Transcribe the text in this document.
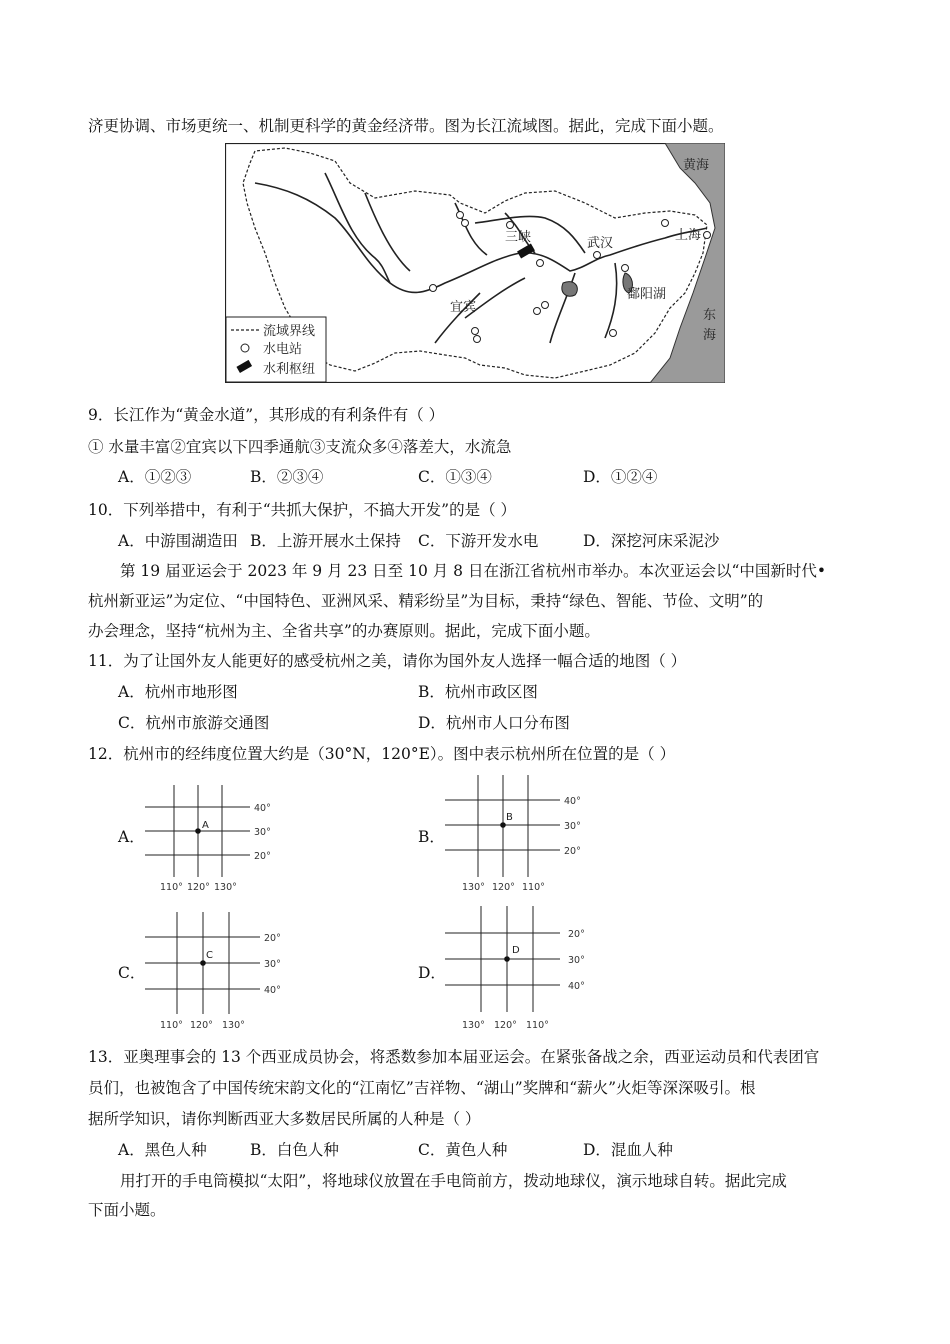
济更协调、市场更统一、机制更科学的黄金经济带。图为长江流域图。据此，完成下面小题。
黄海
三峡	武汉
上海
宜宾
鄱阳湖
东
海
流域界线
水电站
水利枢纽
9．长江作为“黄金水道”，其形成的有利条件有（ ）
① 水量丰富②宜宾以下四季通航③支流众多④落差大，水流急
A．①②③	B．②③④	C．①③④	D．①②④
10．下列举措中，有利于“共抓大保护，不搞大开发”的是（ ）
A．中游围湖造田 B．上游开展水土保持 C．下游开发水电	D．深挖河床采泥沙
第 19 届亚运会于 2023 年 9 月 23 日至 10 月 8 日在浙江省杭州市举办。本次亚运会以“中国新时代•
杭州新亚运”为定位、“中国特色、亚洲风采、精彩纷呈”为目标，秉持“绿色、智能、节俭、文明”的
办会理念，坚持“杭州为主、全省共享”的办赛原则。据此，完成下面小题。
11．为了让国外友人能更好的感受杭州之美，请你为国外友人选择一幅合适的地图（ ）
A．杭州市地形图	B．杭州市政区图
C．杭州市旅游交通图	D．杭州市人口分布图
12．杭州市的经纬度位置大约是（30°N，120°E）。图中表示杭州所在位置的是（ ）
A．
A
40°
30°
20°
110° 120° 130°
B．
B
40°
30°
20°
130° 120° 110°
C．
C
20°
30°
40°
110° 120° 130°
D．
D
20°
30°
40°
130° 120° 110°
13．亚奥理事会的 13 个西亚成员协会，将悉数参加本届亚运会。在紧张备战之余，西亚运动员和代表团官
员们，也被饱含了中国传统宋韵文化的“江南忆”吉祥物、“湖山”奖牌和“薪火”火炬等深深吸引。根
据所学知识，请你判断西亚大多数居民所属的人种是（ ）
A．黑色人种	B．白色人种	C．黄色人种	D．混血人种
用打开的手电筒模拟“太阳”，将地球仪放置在手电筒前方，拨动地球仪，演示地球自转。据此完成
下面小题。
